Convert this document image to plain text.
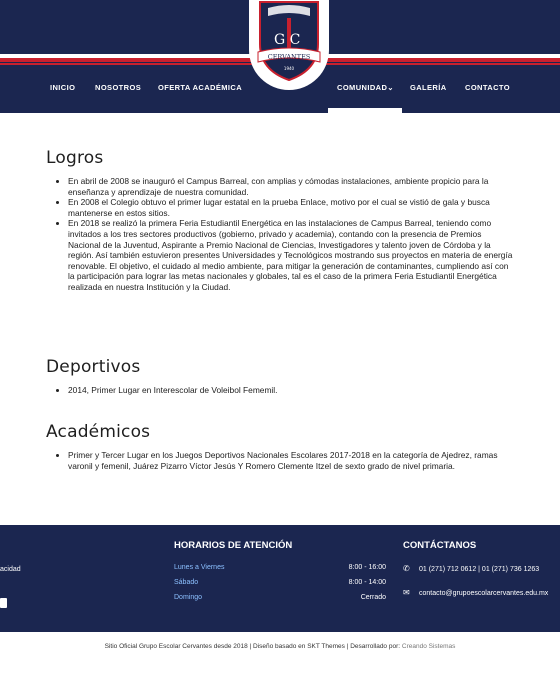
G C
CERVANTES
1940
INICIO	NOSOTROS OFERTA ACADÉMICA	COMUNIDAD⌄ GALERÍA CONTACTO
Logros
• En abril de 2008 se inauguró el Campus Barreal, con amplias y cómodas instalaciones, ambiente propicio para la enseñanza y aprendizaje de nuestra comunidad.
• En 2008 el Colegio obtuvo el primer lugar estatal en la prueba Enlace, motivo por el cual se vistió de gala y busca mantenerse en estos sitios.
• En 2018 se realizó la primera Feria Estudiantil Energética en las instalaciones de Campus Barreal, teniendo como invitados a los tres sectores productivos (gobierno, privado y academia), contando con la presencia de Premios Nacional de la Juventud, Aspirante a Premio Nacional de Ciencias, Investigadores y talento joven de Córdoba y la región. Así también estuvieron presentes Universidades y Tecnológicos mostrando sus proyectos en materia de energía renovable. El objetivo, el cuidado al medio ambiente, para mitigar la generación de contaminantes, cumpliendo así con la participación para lograr las metas nacionales y globales, tal es el caso de la primera Feria Estudiantil Energética realizada en nuestra Institución y la Ciudad.
Deportivos
• 2014, Primer Lugar en Interescolar de Voleibol Fememil.
Académicos
• Primer y Tercer Lugar en los Juegos Deportivos Nacionales Escolares 2017-2018 en la categoría de Ajedrez, ramas varonil y femenil, Juárez Pizarro Víctor Jesús Y Romero Clemente Itzel de sexto grado de nivel primaria.
acidad
HORARIOS DE ATENCIÓN
Lunes a Viernes	8:00 - 16:00
Sábado	8:00 - 14:00
Domingo	Cerrado
CONTÁCTANOS
✆ 01 (271) 712 0612 | 01 (271) 736 1263
✉ contacto@grupoescolarcervantes.edu.mx
Sitio Oficial Grupo Escolar Cervantes desde 2018 | Diseño basado en SKT Themes | Desarrollado por: Creando Sistemas
